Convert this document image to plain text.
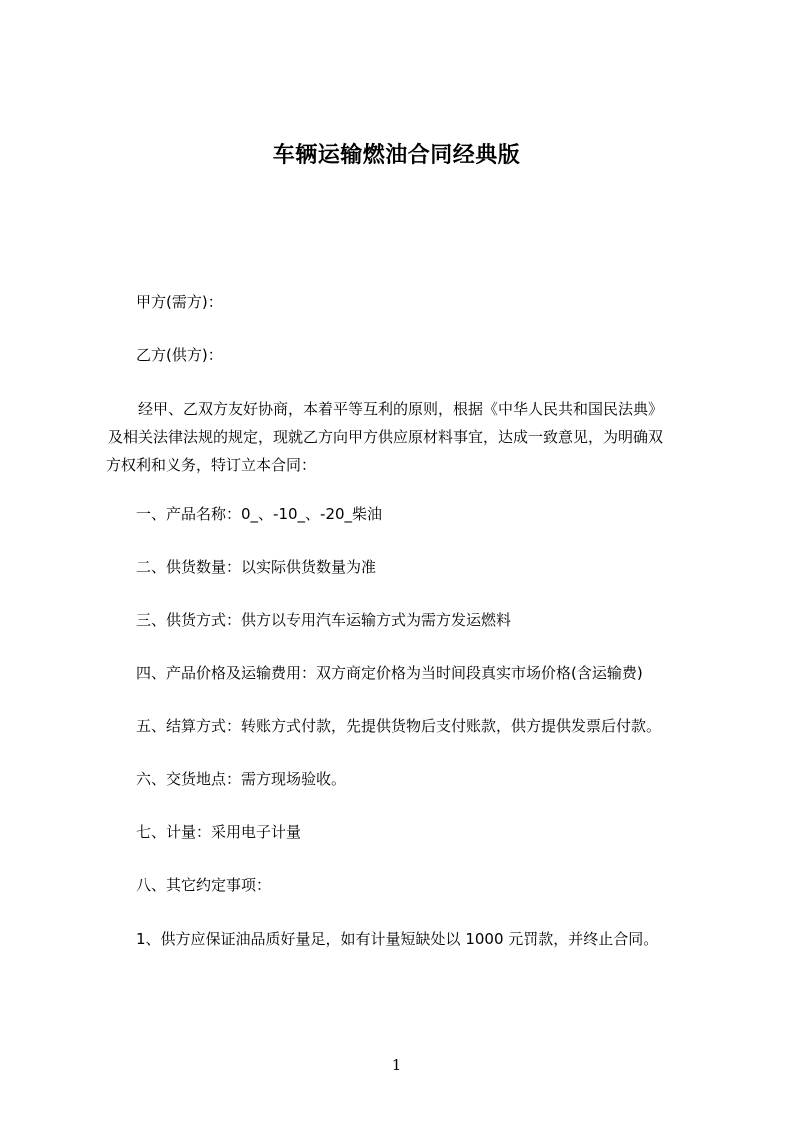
车辆运输燃油合同经典版
甲方(需方)：
乙方(供方)：
经甲、乙双方友好协商，本着平等互利的原则，根据《中华人民共和国民法典》
及相关法律法规的规定，现就乙方向甲方供应原材料事宜，达成一致意见，为明确双
方权利和义务，特订立本合同：
一、产品名称：0_、-10_、-20_柴油
二、供货数量：以实际供货数量为准
三、供货方式：供方以专用汽车运输方式为需方发运燃料
四、产品价格及运输费用：双方商定价格为当时间段真实市场价格(含运输费)
五、结算方式：转账方式付款，先提供货物后支付账款，供方提供发票后付款。
六、交货地点：需方现场验收。
七、计量：采用电子计量
八、其它约定事项：
1、供方应保证油品质好量足，如有计量短缺处以 1000 元罚款，并终止合同。
1
